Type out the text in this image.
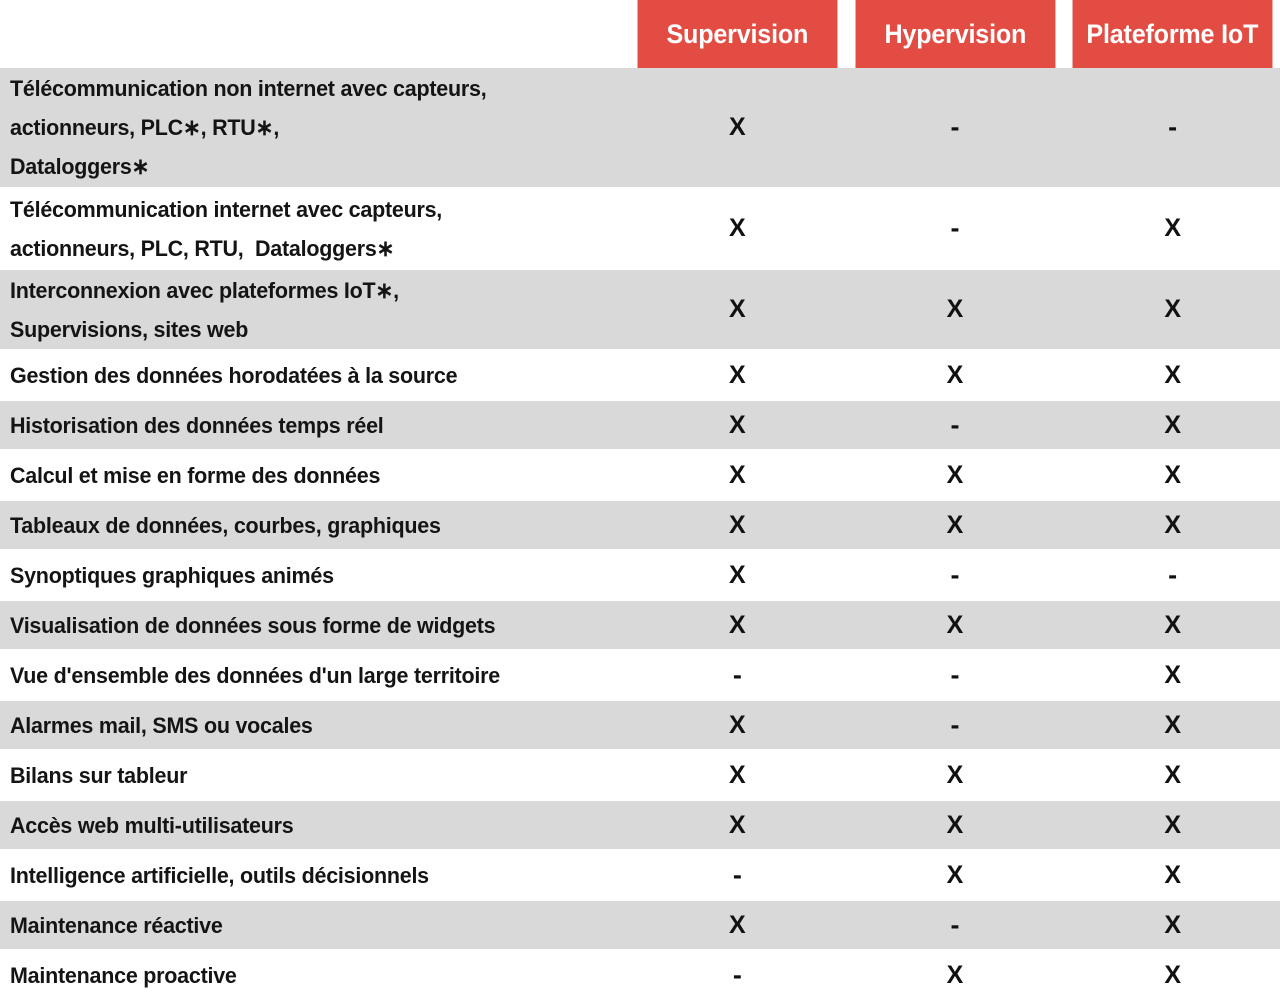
Supervision	Hypervision	Plateforme IoT
Télécommunication non internet avec capteurs,
actionneurs, PLC∗, RTU∗,
Dataloggers∗
X	-	-
Télécommunication internet avec capteurs,
actionneurs, PLC, RTU,  Dataloggers∗
X	-	X
Interconnexion avec plateformes IoT∗,
Supervisions, sites web
X	X	X
Gestion des données horodatées à la source	X	X	X
Historisation des données temps réel	X	-	X
Calcul et mise en forme des données	X	X	X
Tableaux de données, courbes, graphiques	X	X	X
Synoptiques graphiques animés	X	-	-
Visualisation de données sous forme de widgets	X	X	X
Vue d'ensemble des données d'un large territoire	-	-	X
Alarmes mail, SMS ou vocales	X	-	X
Bilans sur tableur	X	X	X
Accès web multi-utilisateurs	X	X	X
Intelligence artificielle, outils décisionnels	-	X	X
Maintenance réactive	X	-	X
Maintenance proactive	-	X	X
